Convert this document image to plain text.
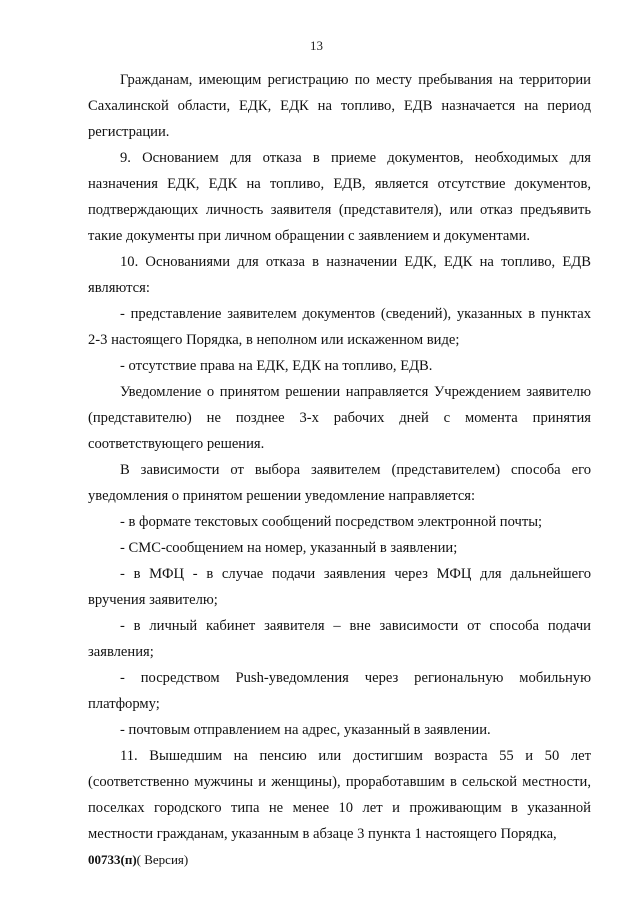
13

Гражданам, имеющим регистрацию по месту пребывания на территории Сахалинской области, ЕДК, ЕДК на топливо, ЕДВ назначается на период регистрации.

9. Основанием для отказа в приеме документов, необходимых для назначения ЕДК, ЕДК на топливо, ЕДВ, является отсутствие документов, подтверждающих личность заявителя (представителя), или отказ предъявить такие документы при личном обращении с заявлением и документами.

10. Основаниями для отказа в назначении ЕДК, ЕДК на топливо, ЕДВ являются:

- представление заявителем документов (сведений), указанных в пунктах 2-3 настоящего Порядка, в неполном или искаженном виде;

- отсутствие права на ЕДК, ЕДК на топливо, ЕДВ.

Уведомление о принятом решении направляется Учреждением заявителю (представителю) не позднее 3-х рабочих дней с момента принятия соответствующего решения.

В зависимости от выбора заявителем (представителем) способа его уведомления о принятом решении уведомление направляется:

- в формате текстовых сообщений посредством электронной почты;

- СМС-сообщением на номер, указанный в заявлении;

- в МФЦ - в случае подачи заявления через МФЦ для дальнейшего вручения заявителю;

- в личный кабинет заявителя – вне зависимости от способа подачи заявления;

- посредством Push-уведомления через региональную мобильную платформу;

- почтовым отправлением на адрес, указанный в заявлении.

11. Вышедшим на пенсию или достигшим возраста 55 и 50 лет (соответственно мужчины и женщины), проработавшим в сельской местности, поселках городского типа не менее 10 лет и проживающим в указанной местности гражданам, указанным в абзаце 3 пункта 1 настоящего Порядка,

00733(п)( Версия)
